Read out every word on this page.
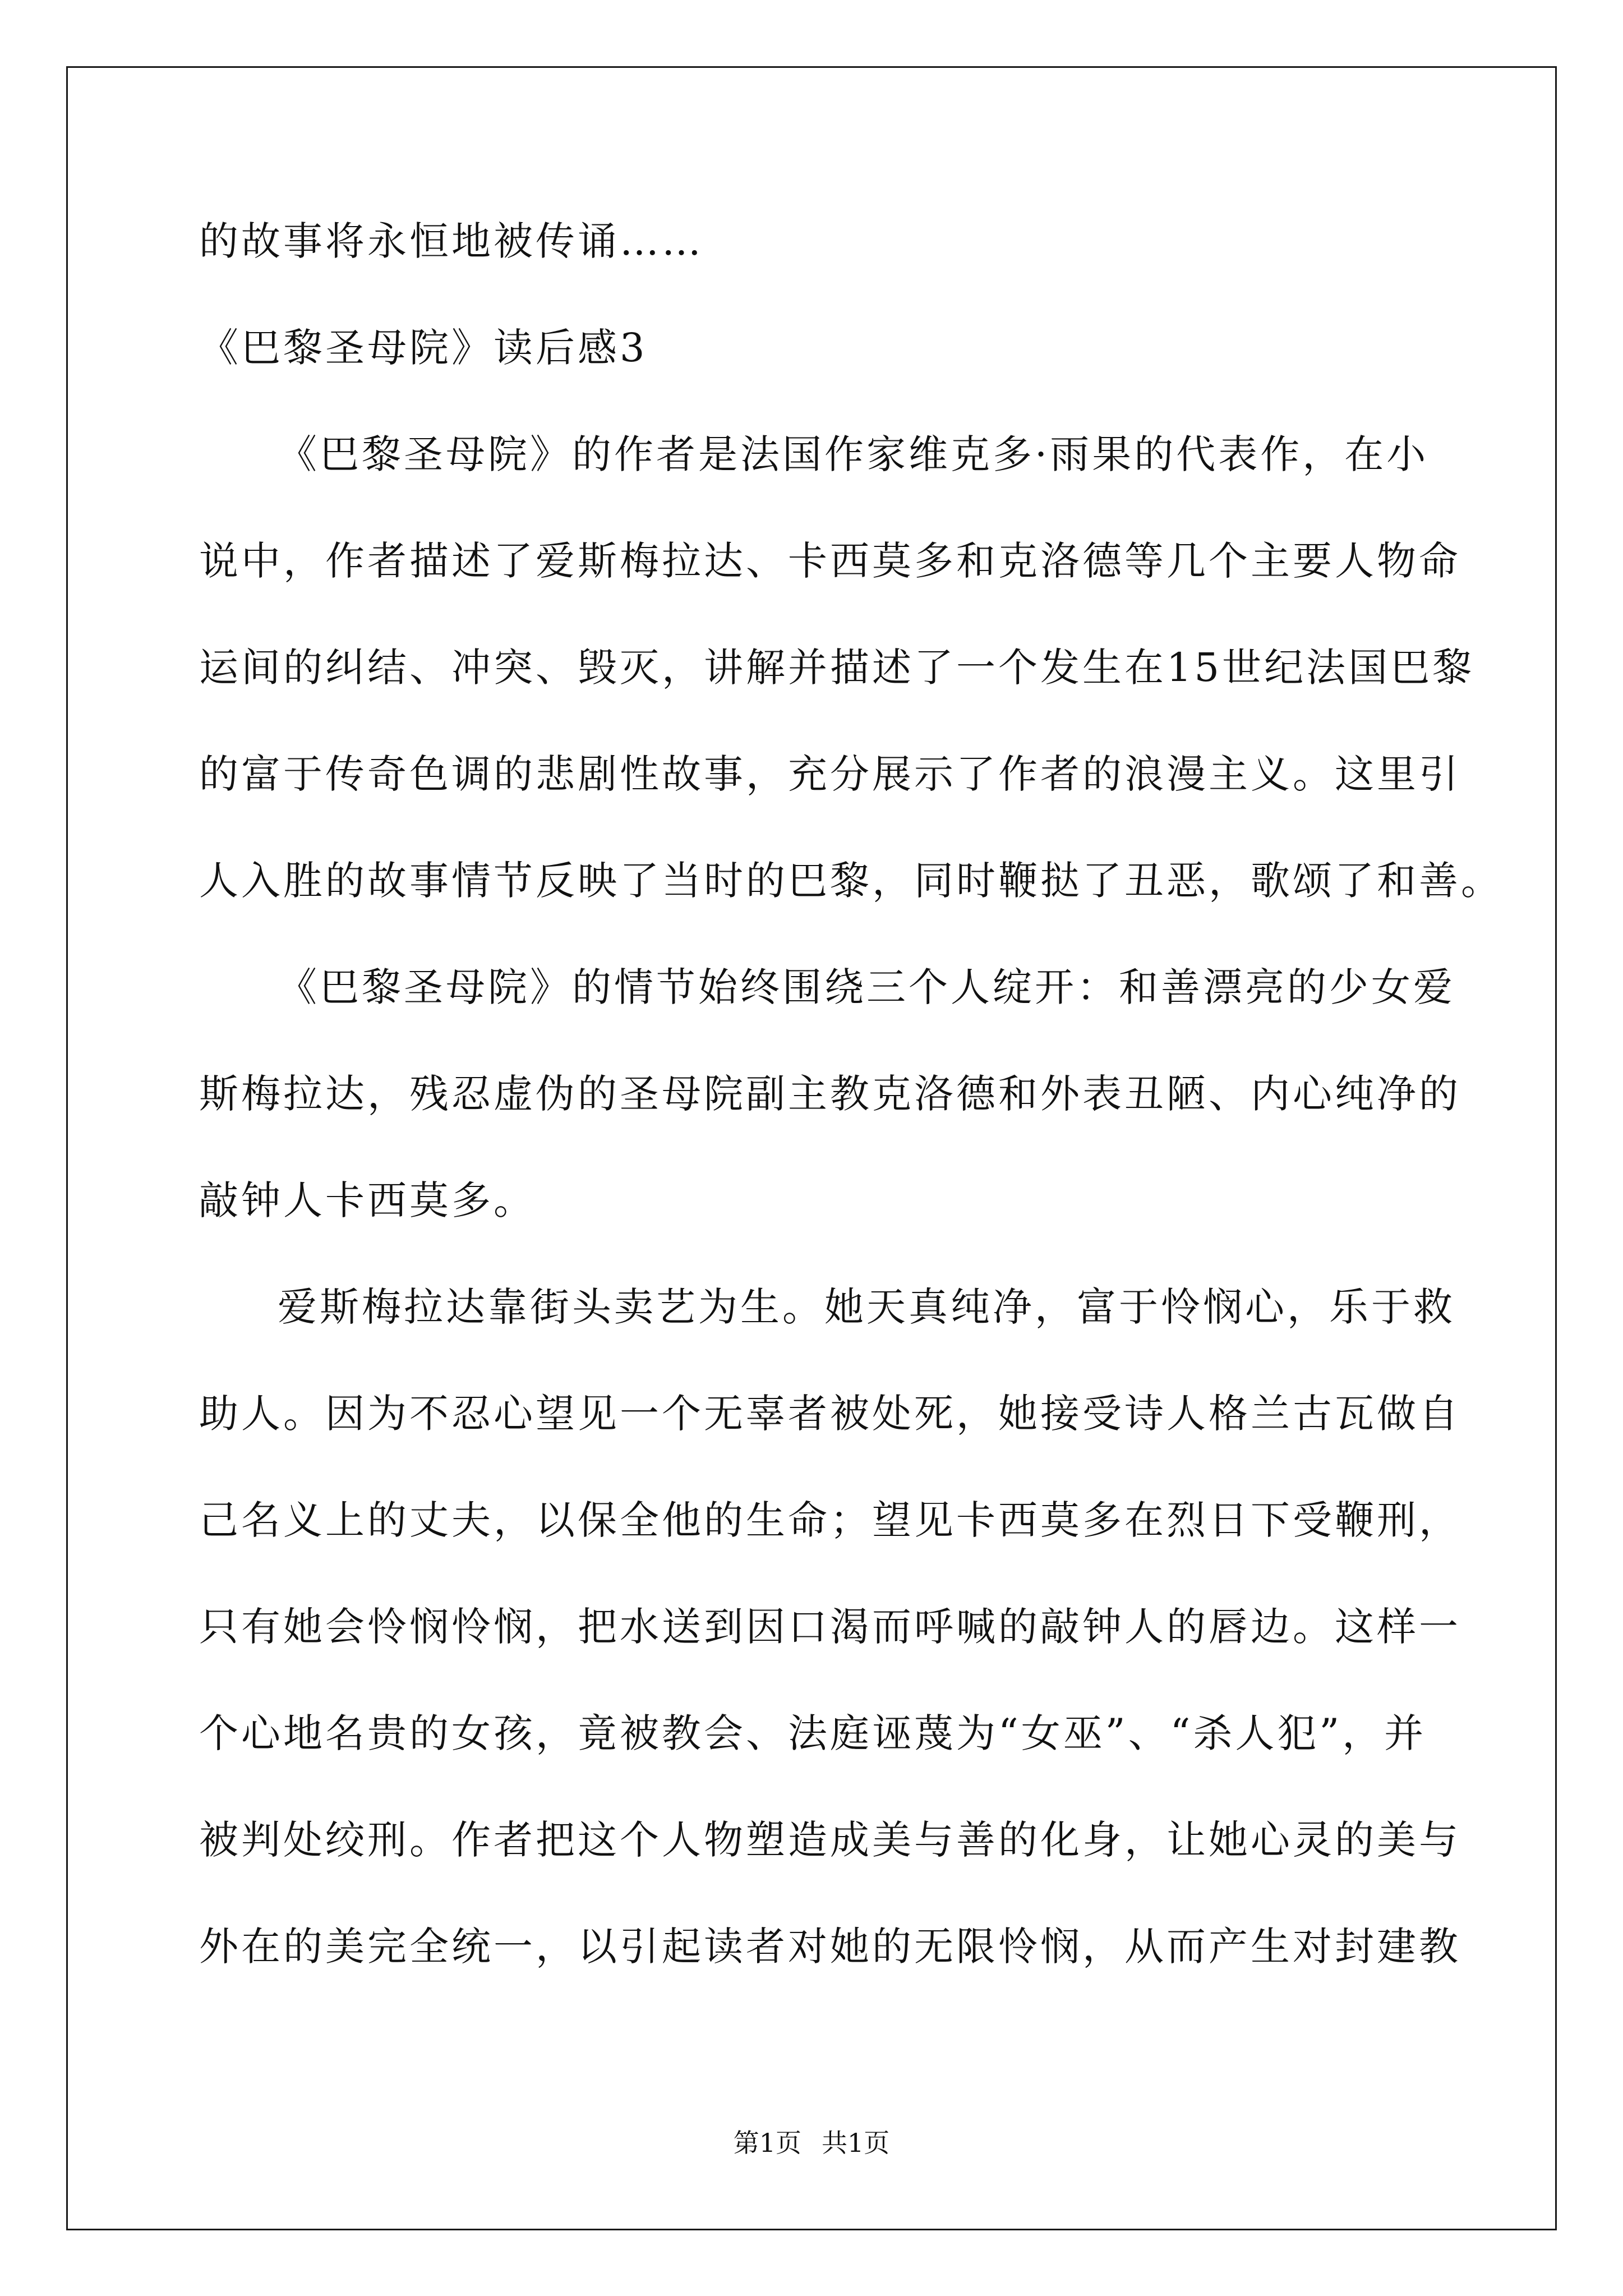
的故事将永恒地被传诵……
《巴黎圣母院》读后感3
《巴黎圣母院》的作者是法国作家维克多·雨果的代表作，在小
说中，作者描述了爱斯梅拉达、卡西莫多和克洛德等几个主要人物命
运间的纠结、冲突、毁灭，讲解并描述了一个发生在15世纪法国巴黎
的富于传奇色调的悲剧性故事，充分展示了作者的浪漫主义。这里引
人入胜的故事情节反映了当时的巴黎，同时鞭挞了丑恶，歌颂了和善。
《巴黎圣母院》的情节始终围绕三个人绽开：和善漂亮的少女爱
斯梅拉达，残忍虚伪的圣母院副主教克洛德和外表丑陋、内心纯净的
敲钟人卡西莫多。
爱斯梅拉达靠街头卖艺为生。她天真纯净，富于怜悯心，乐于救
助人。因为不忍心望见一个无辜者被处死，她接受诗人格兰古瓦做自
己名义上的丈夫，以保全他的生命；望见卡西莫多在烈日下受鞭刑，
只有她会怜悯怜悯，把水送到因口渴而呼喊的敲钟人的唇边。这样一
个心地名贵的女孩，竟被教会、法庭诬蔑为“女巫”、“杀人犯”，并
被判处绞刑。作者把这个人物塑造成美与善的化身，让她心灵的美与
外在的美完全统一，以引起读者对她的无限怜悯，从而产生对封建教
第1页 共1页
